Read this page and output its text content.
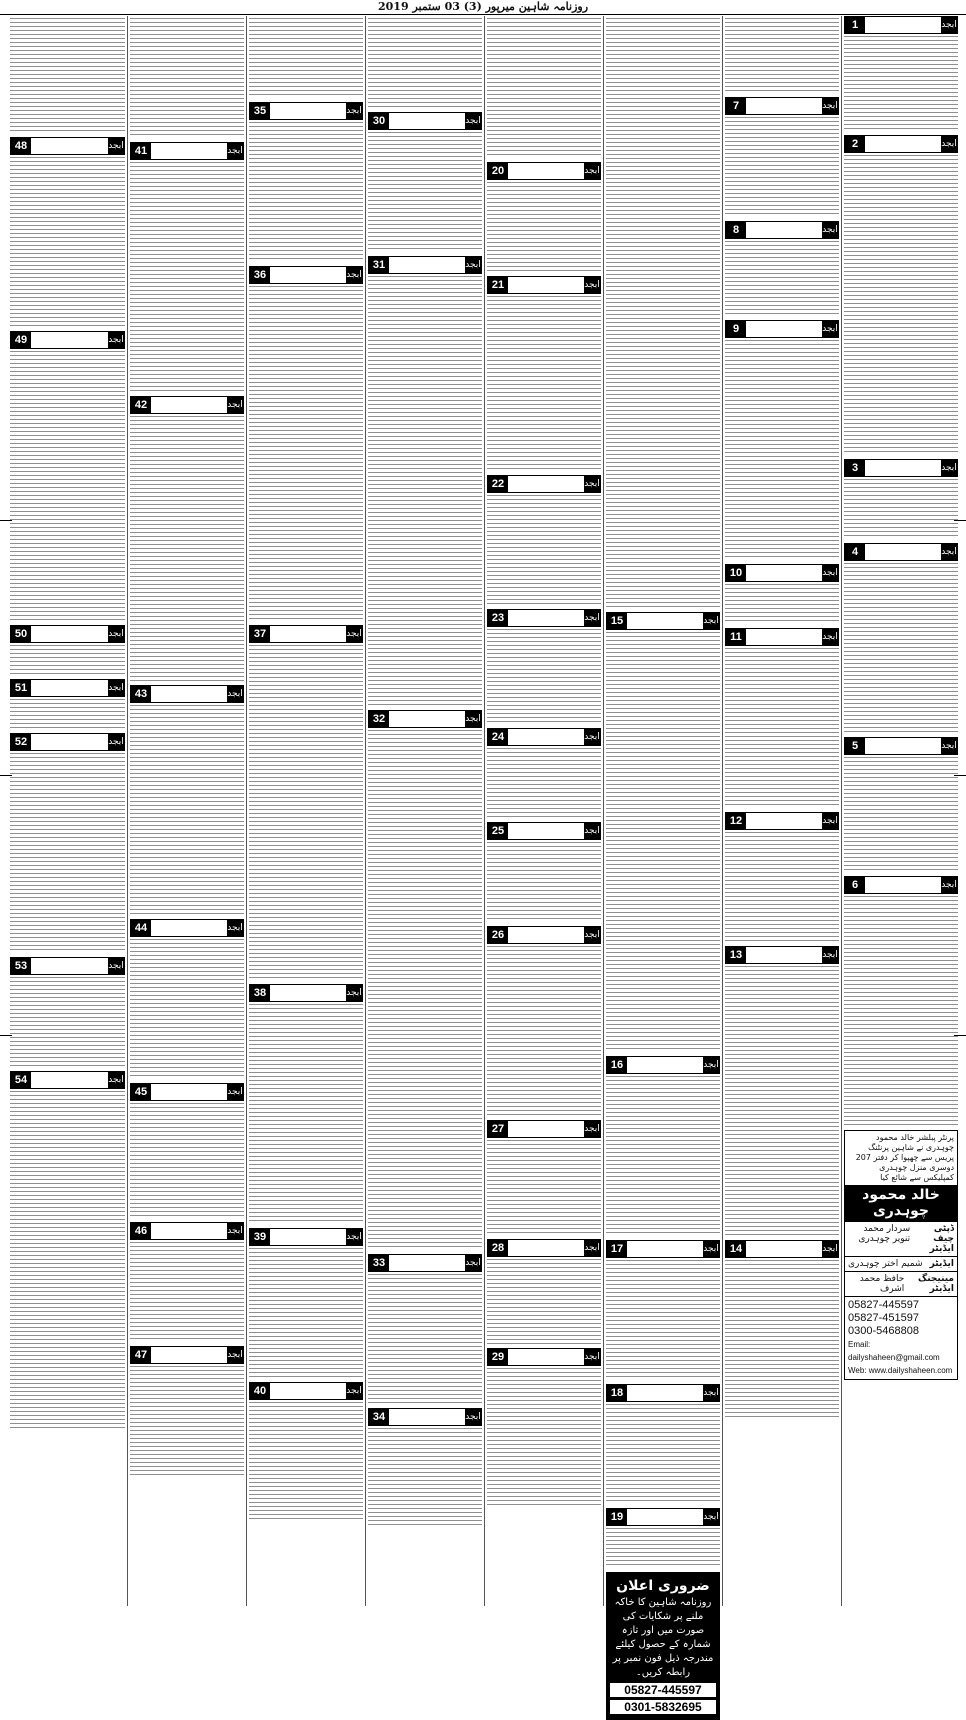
روزنامہ شاہین میرپور (3) 03 ستمبر 2019
1	ابجد
2	ابجد
3	ابجد
4	ابجد
5	ابجد
6	ابجد
پرنٹر پبلشر خالد محمود چوہدری نے شاہین پرنٹنگ پریس سے چھپوا کر دفتر 207 دوسری منزل چوہدری کمپلیکس سے شائع کیا
خالد محمود چوہدری
ڈپٹی چیف ایڈیٹر
سردار محمد تنویر چوہدری
ایڈیٹر
شمیم اختر چوہدری
مینیجنگ ایڈیٹر
حافظ محمد اشرف
05827-445597
05827-451597
0300-5468808
Email: dailyshaheen@gmail.com
Web: www.dailyshaheen.com
7	ابجد
8	ابجد
9	ابجد
10	ابجد
11	ابجد
12	ابجد
13	ابجد
14	ابجد
15	ابجد
16	ابجد
17	ابجد
18	ابجد
19	ابجد
ضروری اعلان
روزنامہ شاہین کا خاکہ ملنے پر شکایات کی صورت میں اور تازہ شمارہ کے حصول کیلئے مندرجہ ذیل فون نمبر پر رابطہ کریں۔
05827-445597
0301-5832695
20	ابجد
21	ابجد
22	ابجد
23	ابجد
24	ابجد
25	ابجد
26	ابجد
27	ابجد
28	ابجد
29	ابجد
30	ابجد
31	ابجد
32	ابجد
33	ابجد
34	ابجد
35	ابجد
36	ابجد
37	ابجد
38	ابجد
39	ابجد
40	ابجد
41	ابجد
42	ابجد
43	ابجد
44	ابجد
45	ابجد
46	ابجد
47	ابجد
48	ابجد
49	ابجد
50	ابجد
51	ابجد
52	ابجد
53	ابجد
54	ابجد
